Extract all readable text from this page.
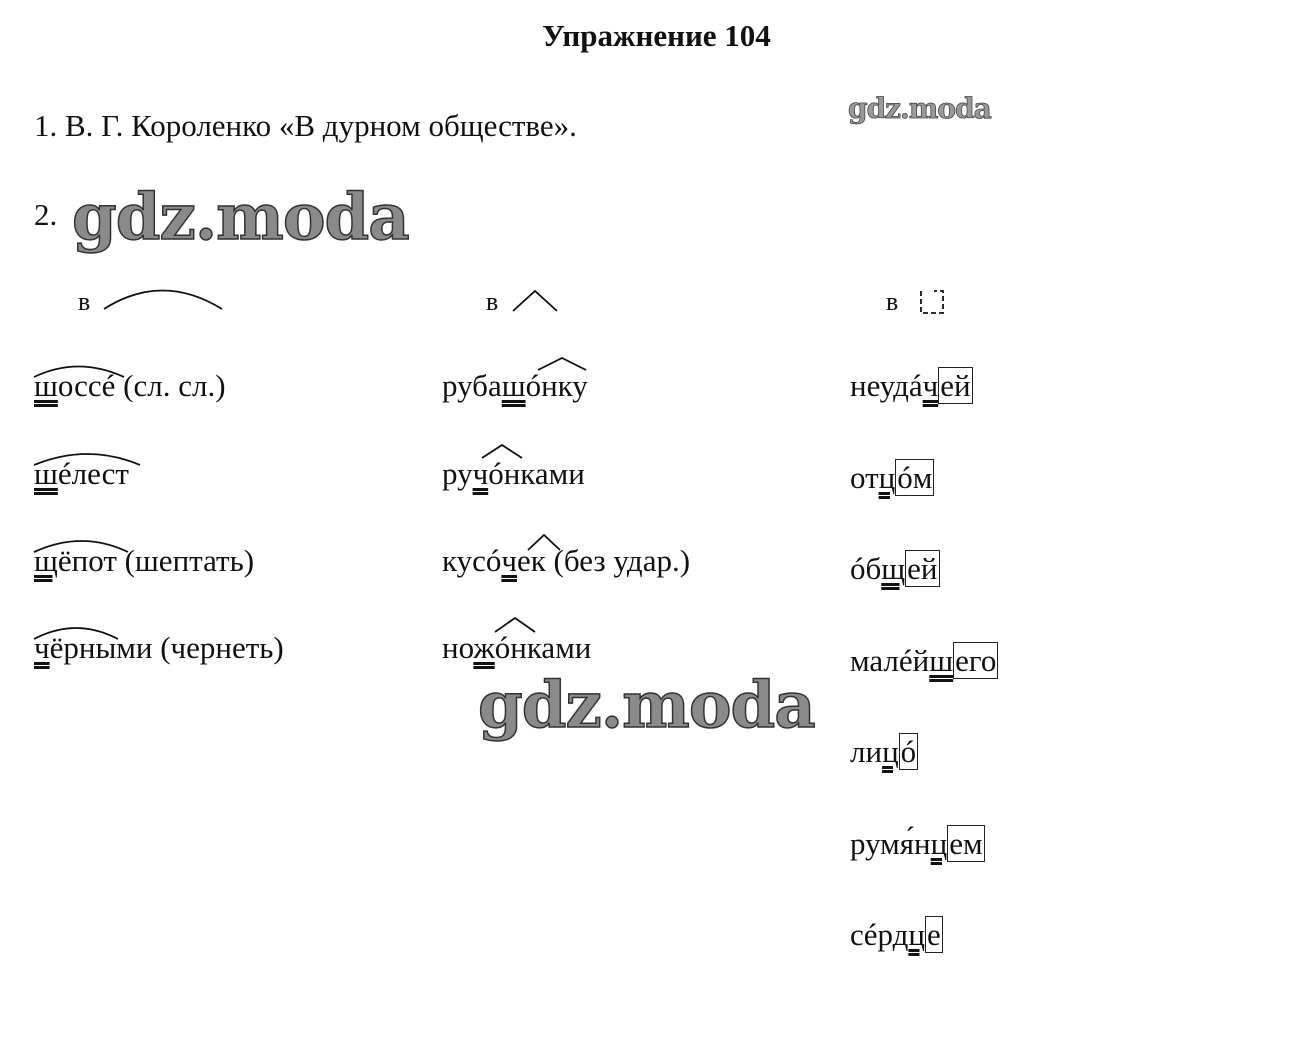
Упражнение 104
1. В. Г. Короленко «В дурном обществе».
2. gdz.moda
gdz.moda
gdz.moda
в	в	в
шоссé (сл. сл.)
шéлест
щёпот (шептать)
чёрными (чернеть)
рубашóнку
ручóнками
кусóчек (без удар.)
ножóнками
неудáчей
отцóм
óбщей
малéйшего
лицó
румя́нцем
сéрдце
